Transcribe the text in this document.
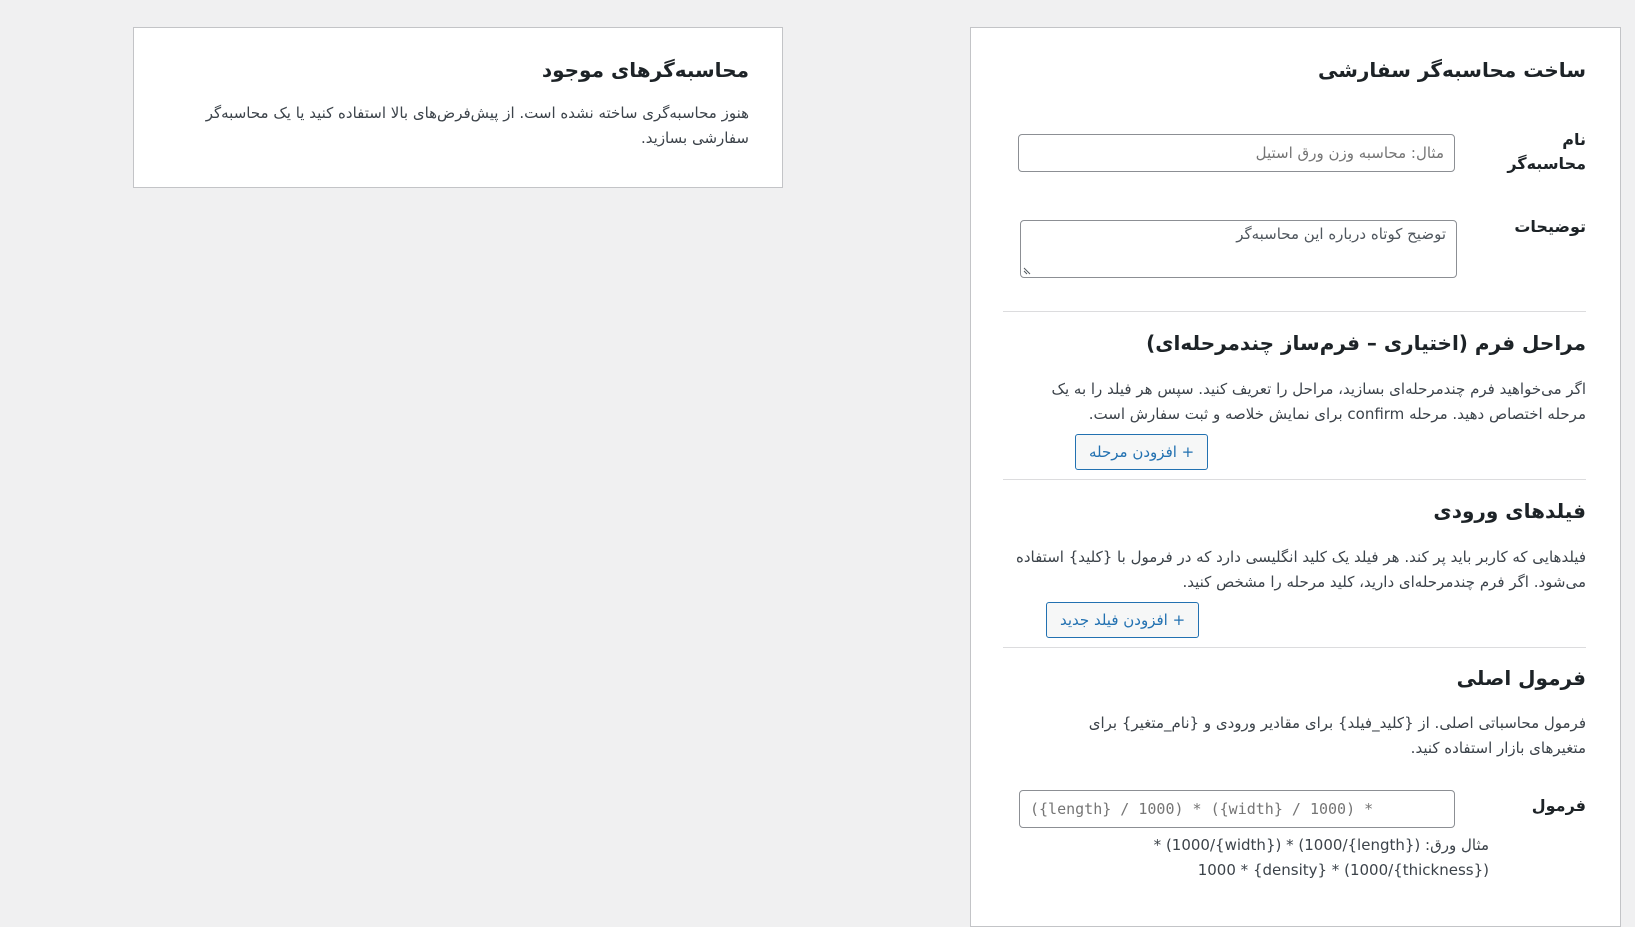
محاسبه‌گرهای موجود
هنوز محاسبه‌گری ساخته نشده است. از پیش‌فرض‌های بالا استفاده کنید یا یک محاسبه‌گر سفارشی بسازید.
ساخت محاسبه‌گر سفارشی
نام محاسبه‌گر
مثال: محاسبه وزن ورق استیل
توضیحات
توضیح کوتاه درباره این محاسبه‌گر
مراحل فرم (اختیاری – فرم‌ساز چندمرحله‌ای)
اگر می‌خواهید فرم چندمرحله‌ای بسازید، مراحل را تعریف کنید. سپس هر فیلد را به یک مرحله اختصاص دهید. مرحله confirm برای نمایش خلاصه و ثبت سفارش است.
+ افزودن مرحله
فیلدهای ورودی
فیلدهایی که کاربر باید پر کند. هر فیلد یک کلید انگلیسی دارد که در فرمول با {کلید} استفاده می‌شود. اگر فرم چندمرحله‌ای دارید، کلید مرحله را مشخص کنید.
+ افزودن فیلد جدید
فرمول اصلی
فرمول محاسباتی اصلی. از {کلید_فیلد} برای مقادیر ورودی و {نام_متغیر} برای متغیرهای بازار استفاده کنید.
فرمول
({length} / 1000) * ({width} / 1000) *
مثال ورق: ({length}/1000) * ({width}/1000) *
({thickness}/1000) * {density} * 1000
